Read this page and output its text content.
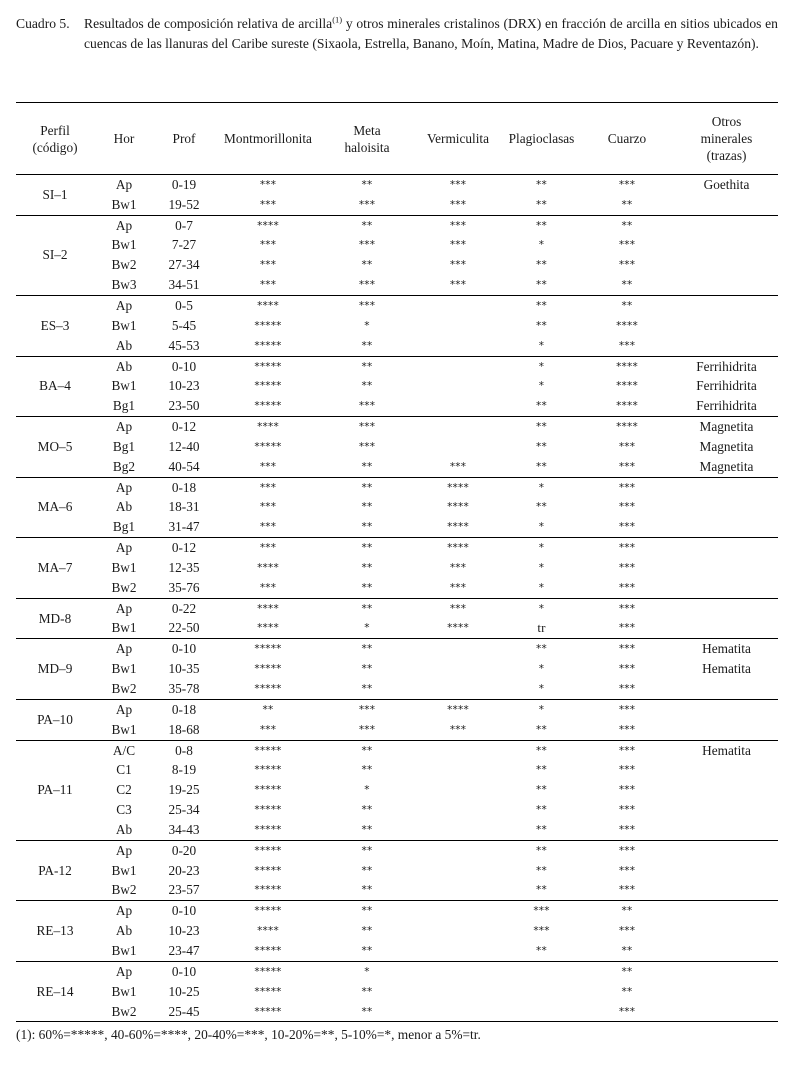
Cuadro 5.	Resultados de composición relativa de arcilla$^{(1)}$ y otros minerales cristalinos (DRX) en fracción de arcilla en sitios ubicados en cuencas de las llanuras del Caribe sureste (Sixaola, Estrella, Banano, Moín, Matina, Madre de Dios, Pacuare y Reventazón).
Perfil
(código)	Hor	Prof	Montmorillonita	Meta
haloisita	Vermiculita	Plagioclasas	Cuarzo	Otros
minerales
(trazas)
SI–1	Ap	0-19	***	**	***	**	***	Goethita
	Bw1	19-52	***	***	***	**	**	
SI–2	Ap	0-7	****	**	***	**	**	
	Bw1	7-27	***	***	***	*	***	
	Bw2	27-34	***	**	***	**	***	
	Bw3	34-51	***	***	***	**	**	
ES–3	Ap	0-5	****	***		**	**	
	Bw1	5-45	*****	*		**	****	
	Ab	45-53	*****	**		*	***	
BA–4	Ab	0-10	*****	**		*	****	Ferrihidrita
	Bw1	10-23	*****	**		*	****	Ferrihidrita
	Bg1	23-50	*****	***		**	****	Ferrihidrita
MO–5	Ap	0-12	****	***		**	****	Magnetita
	Bg1	12-40	*****	***		**	***	Magnetita
	Bg2	40-54	***	**	***	**	***	Magnetita
MA–6	Ap	0-18	***	**	****	*	***	
	Ab	18-31	***	**	****	**	***	
	Bg1	31-47	***	**	****	*	***	
MA–7	Ap	0-12	***	**	****	*	***	
	Bw1	12-35	****	**	***	*	***	
	Bw2	35-76	***	**	***	*	***	
MD-8	Ap	0-22	****	**	***	*	***	
	Bw1	22-50	****	*	****	tr	***	
MD–9	Ap	0-10	*****	**		**	***	Hematita
	Bw1	10-35	*****	**		*	***	Hematita
	Bw2	35-78	*****	**		*	***	
PA–10	Ap	0-18	**	***	****	*	***	
	Bw1	18-68	***	***	***	**	***	
PA–11	A/C	0-8	*****	**		**	***	Hematita
	C1	8-19	*****	**		**	***	
	C2	19-25	*****	*		**	***	
	C3	25-34	*****	**		**	***	
	Ab	34-43	*****	**		**	***	
PA-12	Ap	0-20	*****	**		**	***	
	Bw1	20-23	*****	**		**	***	
	Bw2	23-57	*****	**		**	***	
RE–13	Ap	0-10	*****	**		***	**	
	Ab	10-23	****	**		***	***	
	Bw1	23-47	*****	**		**	**	
RE–14	Ap	0-10	*****	*			**	
	Bw1	10-25	*****	**			**	
	Bw2	25-45	*****	**			***	
(1): 60%=*****, 40-60%=****, 20-40%=***, 10-20%=**, 5-10%=*, menor a 5%=tr.
